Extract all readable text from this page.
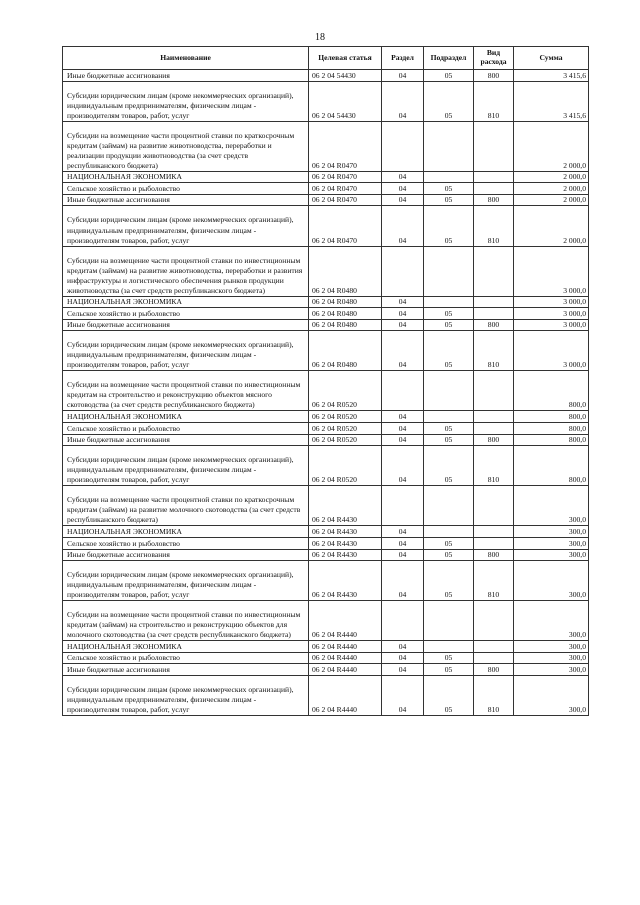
18
Наименование	Целевая статья	Раздел	Подраздел	Вид расхода	Сумма
Иные бюджетные ассигнования	06 2 04 54430	04	05	800	3 415,6

Субсидии юридическим лицам (кроме некоммерческих организаций), индивидуальным предпринимателям, физическим лицам - производителям товаров, работ, услуг	06 2 04 54430	04	05	810	3 415,6

Субсидии на возмещение части процентной ставки по краткосрочным кредитам (займам) на развитие животноводства, переработки и реализации продукции животноводства (за счет средств республиканского бюджета)	06 2 04 R0470				2 000,0
НАЦИОНАЛЬНАЯ ЭКОНОМИКА	06 2 04 R0470	04			2 000,0
Сельское хозяйство и рыболовство	06 2 04 R0470	04	05		2 000,0
Иные бюджетные ассигнования	06 2 04 R0470	04	05	800	2 000,0

Субсидии юридическим лицам (кроме некоммерческих организаций), индивидуальным предпринимателям, физическим лицам - производителям товаров, работ, услуг	06 2 04 R0470	04	05	810	2 000,0

Субсидии на возмещение части процентной ставки по инвестиционным кредитам (займам) на развитие животноводства, переработки и развития инфраструктуры и логистического обеспечения рынков продукции животноводства (за счет средств республиканского бюджета)	06 2 04 R0480				3 000,0
НАЦИОНАЛЬНАЯ ЭКОНОМИКА	06 2 04 R0480	04			3 000,0
Сельское хозяйство и рыболовство	06 2 04 R0480	04	05		3 000,0
Иные бюджетные ассигнования	06 2 04 R0480	04	05	800	3 000,0

Субсидии юридическим лицам (кроме некоммерческих организаций), индивидуальным предпринимателям, физическим лицам - производителям товаров, работ, услуг	06 2 04 R0480	04	05	810	3 000,0

Субсидии на возмещение части процентной ставки по инвестиционным кредитам на строительство и реконструкцию объектов мясного скотоводства (за счет средств республиканского бюджета)	06 2 04 R0520				800,0
НАЦИОНАЛЬНАЯ ЭКОНОМИКА	06 2 04 R0520	04			800,0
Сельское хозяйство и рыболовство	06 2 04 R0520	04	05		800,0
Иные бюджетные ассигнования	06 2 04 R0520	04	05	800	800,0

Субсидии юридическим лицам (кроме некоммерческих организаций), индивидуальным предпринимателям, физическим лицам - производителям товаров, работ, услуг	06 2 04 R0520	04	05	810	800,0

Субсидии на возмещение части процентной ставки по краткосрочным кредитам (займам) на развитие молочного скотоводства (за счет средств республиканского бюджета)	06 2 04 R4430				300,0
НАЦИОНАЛЬНАЯ ЭКОНОМИКА	06 2 04 R4430	04			300,0
Сельское хозяйство и рыболовство	06 2 04 R4430	04	05		300,0
Иные бюджетные ассигнования	06 2 04 R4430	04	05	800	300,0

Субсидии юридическим лицам (кроме некоммерческих организаций), индивидуальным предпринимателям, физическим лицам - производителям товаров, работ, услуг	06 2 04 R4430	04	05	810	300,0

Субсидии на возмещение части процентной ставки по инвестиционным кредитам (займам) на строительство и реконструкцию объектов для молочного скотоводства (за счет средств республиканского бюджета)	06 2 04 R4440				300,0
НАЦИОНАЛЬНАЯ ЭКОНОМИКА	06 2 04 R4440	04			300,0
Сельское хозяйство и рыболовство	06 2 04 R4440	04	05		300,0
Иные бюджетные ассигнования	06 2 04 R4440	04	05	800	300,0

Субсидии юридическим лицам (кроме некоммерческих организаций), индивидуальным предпринимателям, физическим лицам - производителям товаров, работ, услуг	06 2 04 R4440	04	05	810	300,0
